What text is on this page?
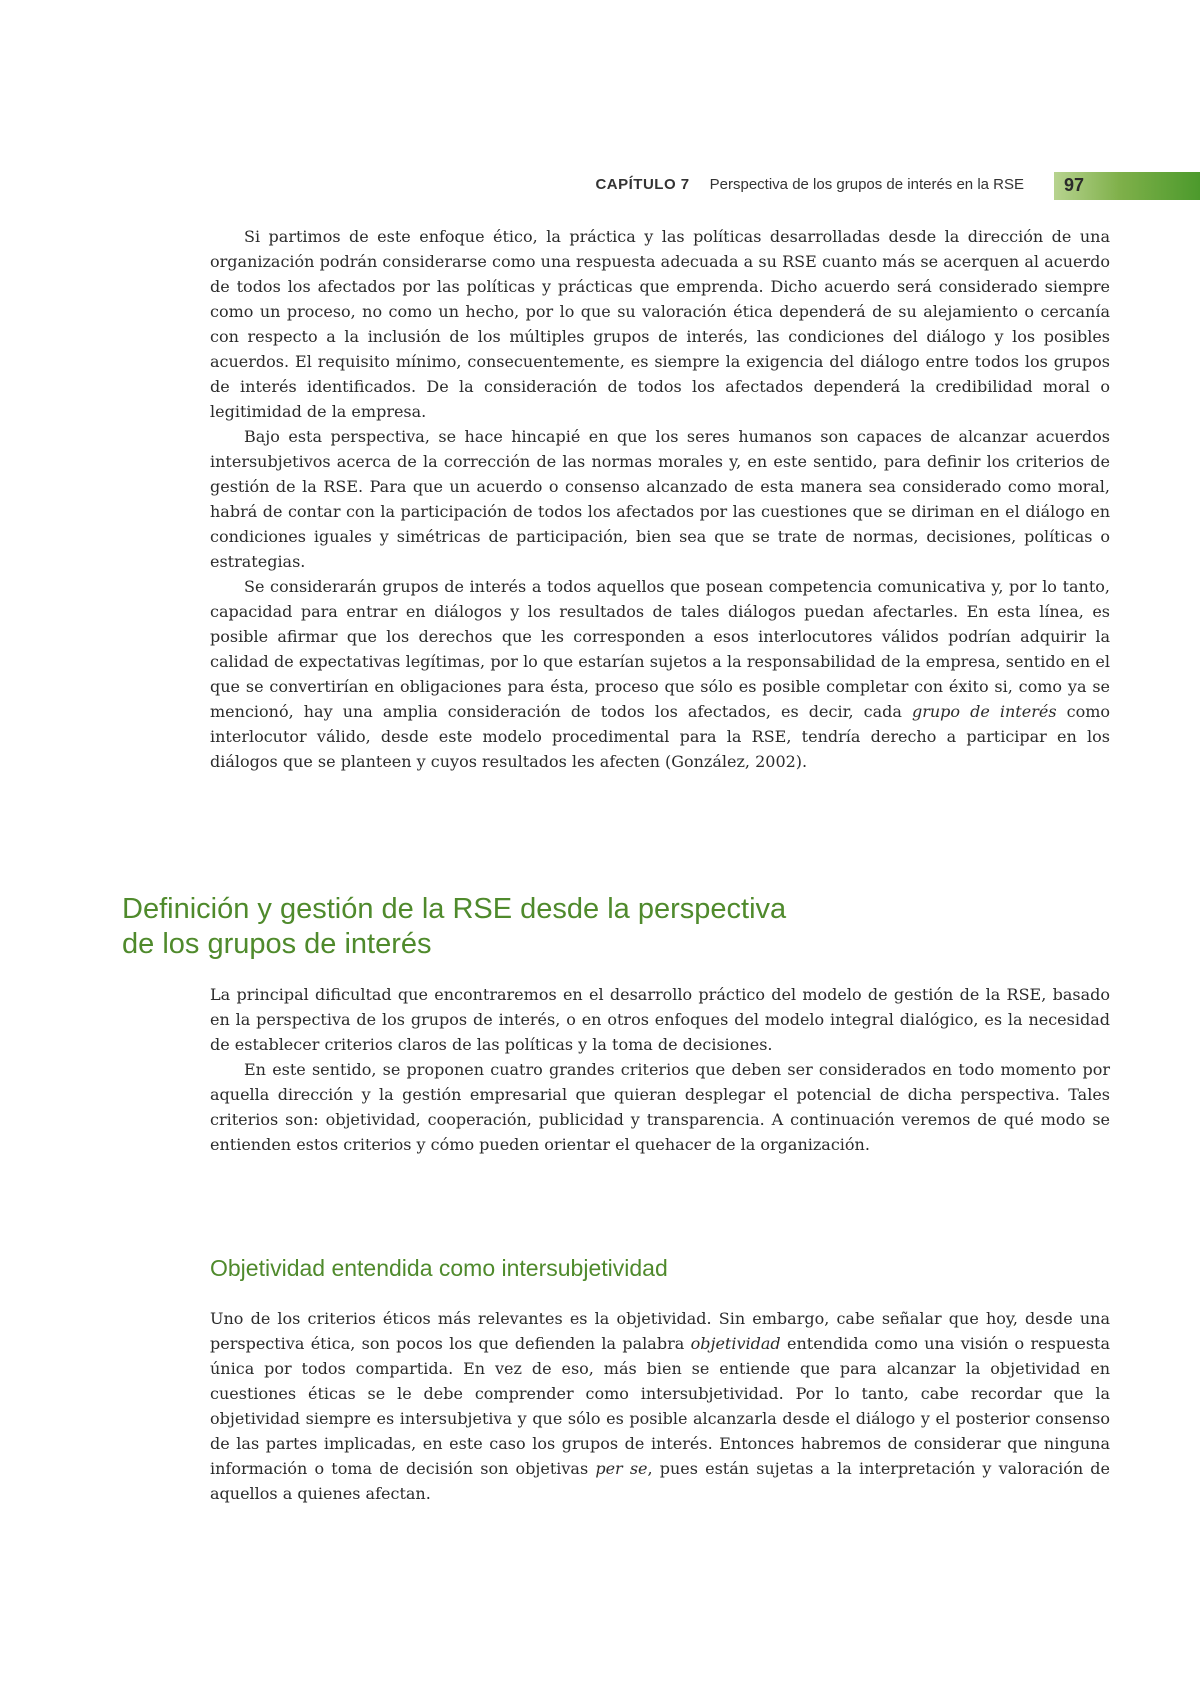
CAPÍTULO 7 Perspectiva de los grupos de interés en la RSE 97

Si partimos de este enfoque ético, la práctica y las políticas desarrolladas desde la dirección de una organización podrán considerarse como una respuesta adecuada a su RSE cuanto más se acerquen al acuerdo de todos los afectados por las políticas y prácticas que emprenda. Dicho acuerdo será considerado siempre como un proceso, no como un hecho, por lo que su valoración ética dependerá de su alejamiento o cercanía con respecto a la inclusión de los múltiples grupos de interés, las condiciones del diálogo y los posibles acuerdos. El requisito mínimo, consecuentemente, es siempre la exigencia del diálogo entre todos los grupos de interés identificados. De la consideración de todos los afectados dependerá la credibilidad moral o legitimidad de la empresa.

Bajo esta perspectiva, se hace hincapié en que los seres humanos son capaces de alcanzar acuerdos intersubjetivos acerca de la corrección de las normas morales y, en este sentido, para definir los criterios de gestión de la RSE. Para que un acuerdo o consenso alcanzado de esta manera sea considerado como moral, habrá de contar con la participación de todos los afectados por las cuestiones que se diriman en el diálogo en condiciones iguales y simétricas de participación, bien sea que se trate de normas, decisiones, políticas o estrategias.

Se considerarán grupos de interés a todos aquellos que posean competencia comunicativa y, por lo tanto, capacidad para entrar en diálogos y los resultados de tales diálogos puedan afectarles. En esta línea, es posible afirmar que los derechos que les corresponden a esos interlocutores válidos podrían adquirir la calidad de expectativas legítimas, por lo que estarían sujetos a la responsabilidad de la empresa, sentido en el que se convertirían en obligaciones para ésta, proceso que sólo es posible completar con éxito si, como ya se mencionó, hay una amplia consideración de todos los afectados, es decir, cada grupo de interés como interlocutor válido, desde este modelo procedimental para la RSE, tendría derecho a participar en los diálogos que se planteen y cuyos resultados les afecten (González, 2002).

Definición y gestión de la RSE desde la perspectiva
de los grupos de interés

La principal dificultad que encontraremos en el desarrollo práctico del modelo de gestión de la RSE, basado en la perspectiva de los grupos de interés, o en otros enfoques del modelo integral dialógico, es la necesidad de establecer criterios claros de las políticas y la toma de decisiones.

En este sentido, se proponen cuatro grandes criterios que deben ser considerados en todo momento por aquella dirección y la gestión empresarial que quieran desplegar el potencial de dicha perspectiva. Tales criterios son: objetividad, cooperación, publicidad y transparencia. A continuación veremos de qué modo se entienden estos criterios y cómo pueden orientar el quehacer de la organización.

Objetividad entendida como intersubjetividad

Uno de los criterios éticos más relevantes es la objetividad. Sin embargo, cabe señalar que hoy, desde una perspectiva ética, son pocos los que defienden la palabra objetividad entendida como una visión o respuesta única por todos compartida. En vez de eso, más bien se entiende que para alcanzar la objetividad en cuestiones éticas se le debe comprender como intersubjetividad. Por lo tanto, cabe recordar que la objetividad siempre es intersubjetiva y que sólo es posible alcanzarla desde el diálogo y el posterior consenso de las partes implicadas, en este caso los grupos de interés. Entonces habremos de considerar que ninguna información o toma de decisión son objetivas per se, pues están sujetas a la interpretación y valoración de aquellos a quienes afectan.
